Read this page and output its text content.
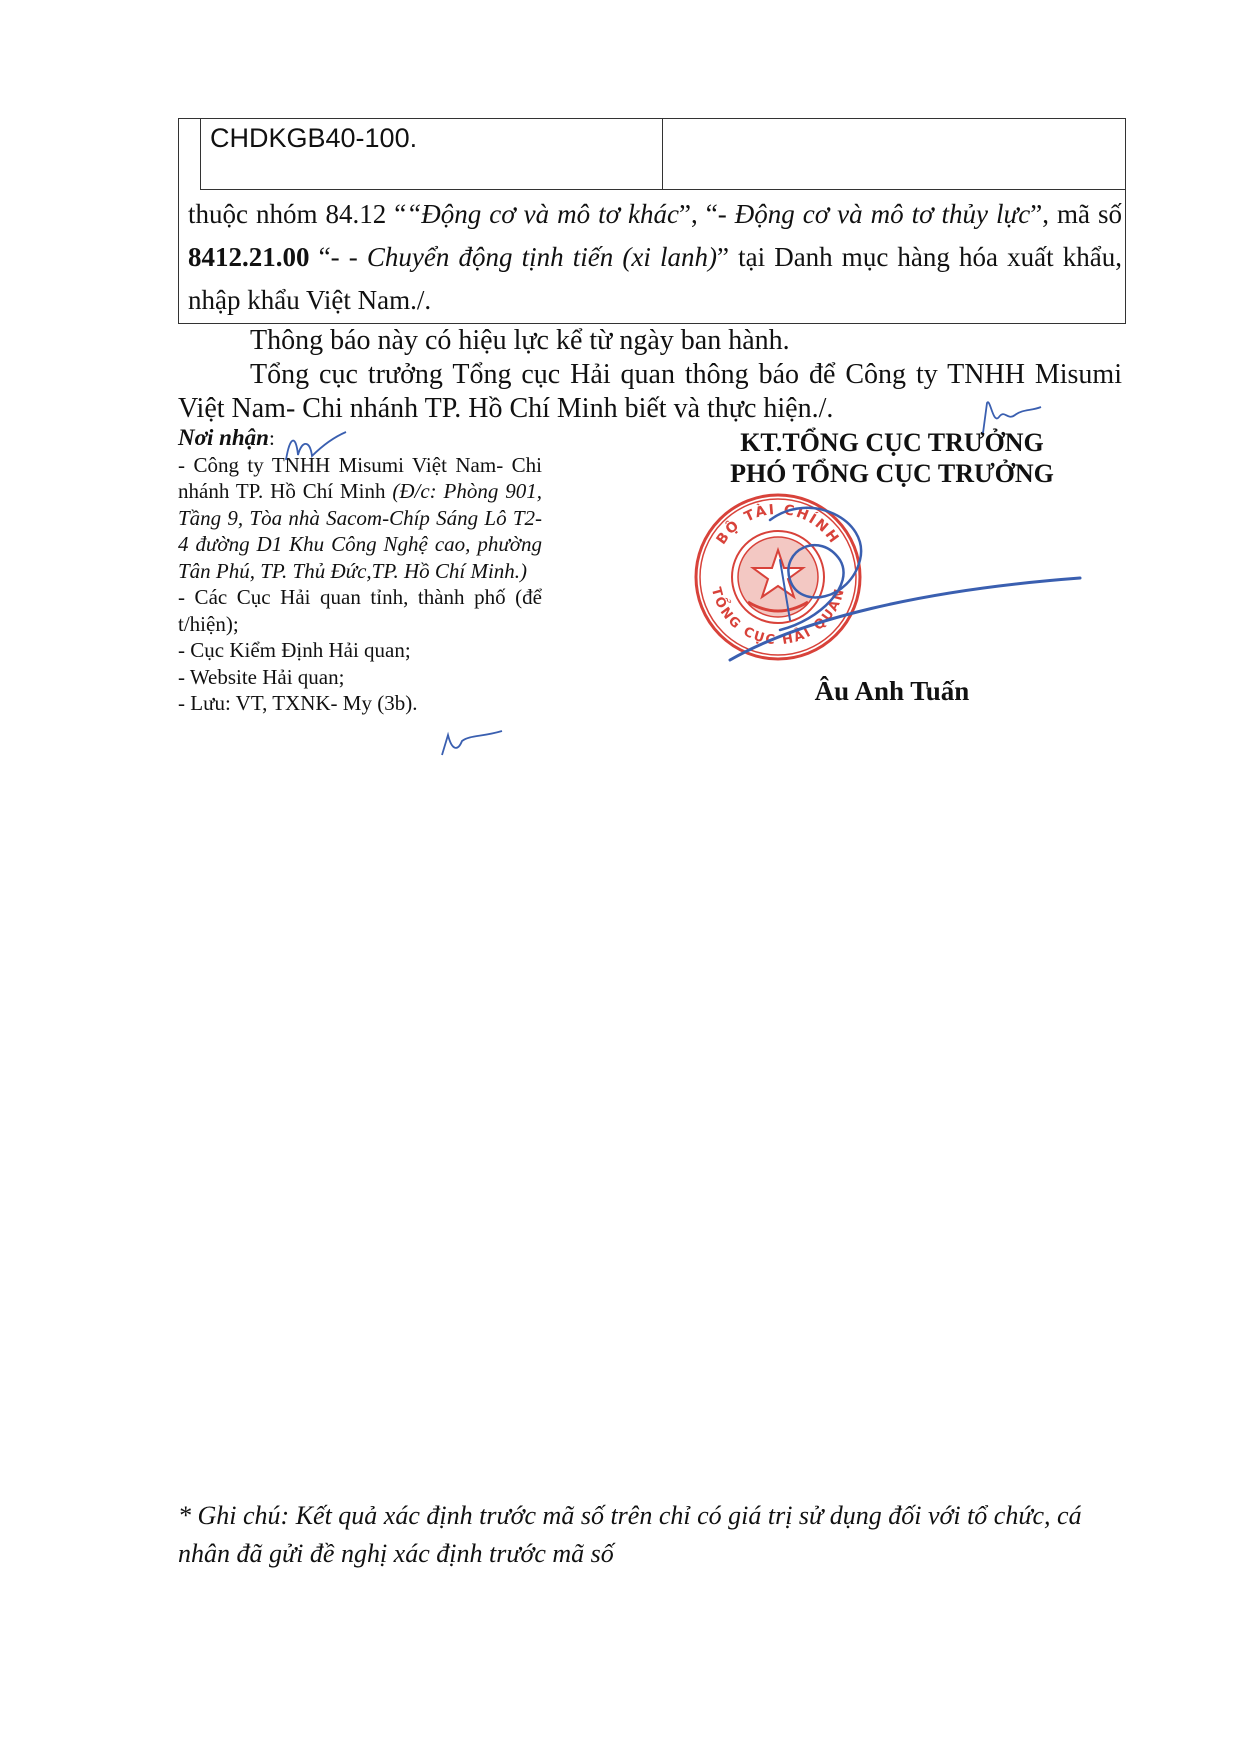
CHDKGB40-100.
thuộc nhóm 84.12 ““Động cơ và mô tơ khác”, “- Động cơ và mô tơ thủy lực”, mã số 8412.21.00 “- - Chuyển động tịnh tiến (xi lanh)” tại Danh mục hàng hóa xuất khẩu, nhập khẩu Việt Nam./.
Thông báo này có hiệu lực kể từ ngày ban hành.
Tổng cục trưởng Tổng cục Hải quan thông báo để Công ty TNHH Misumi Việt Nam- Chi nhánh TP. Hồ Chí Minh biết và thực hiện./.
Nơi nhận:
- Công ty TNHH Misumi Việt Nam- Chi nhánh TP. Hồ Chí Minh (Đ/c: Phòng 901, Tầng 9, Tòa nhà Sacom-Chíp Sáng Lô T2-4 đường D1 Khu Công Nghệ cao, phường Tân Phú, TP. Thủ Đức,TP. Hồ Chí Minh.)
- Các Cục Hải quan tỉnh, thành phố (để t/hiện);
- Cục Kiểm Định Hải quan;
- Website Hải quan;
- Lưu: VT, TXNK- My (3b).
KT.TỔNG CỤC TRƯỞNG
PHÓ TỔNG CỤC TRƯỞNG
BỘ TÀI CHÍNH
TỔNG CỤC HẢI QUAN
Âu Anh Tuấn
* Ghi chú: Kết quả xác định trước mã số trên chỉ có giá trị sử dụng đối với tổ chức, cá nhân đã gửi đề nghị xác định trước mã số
